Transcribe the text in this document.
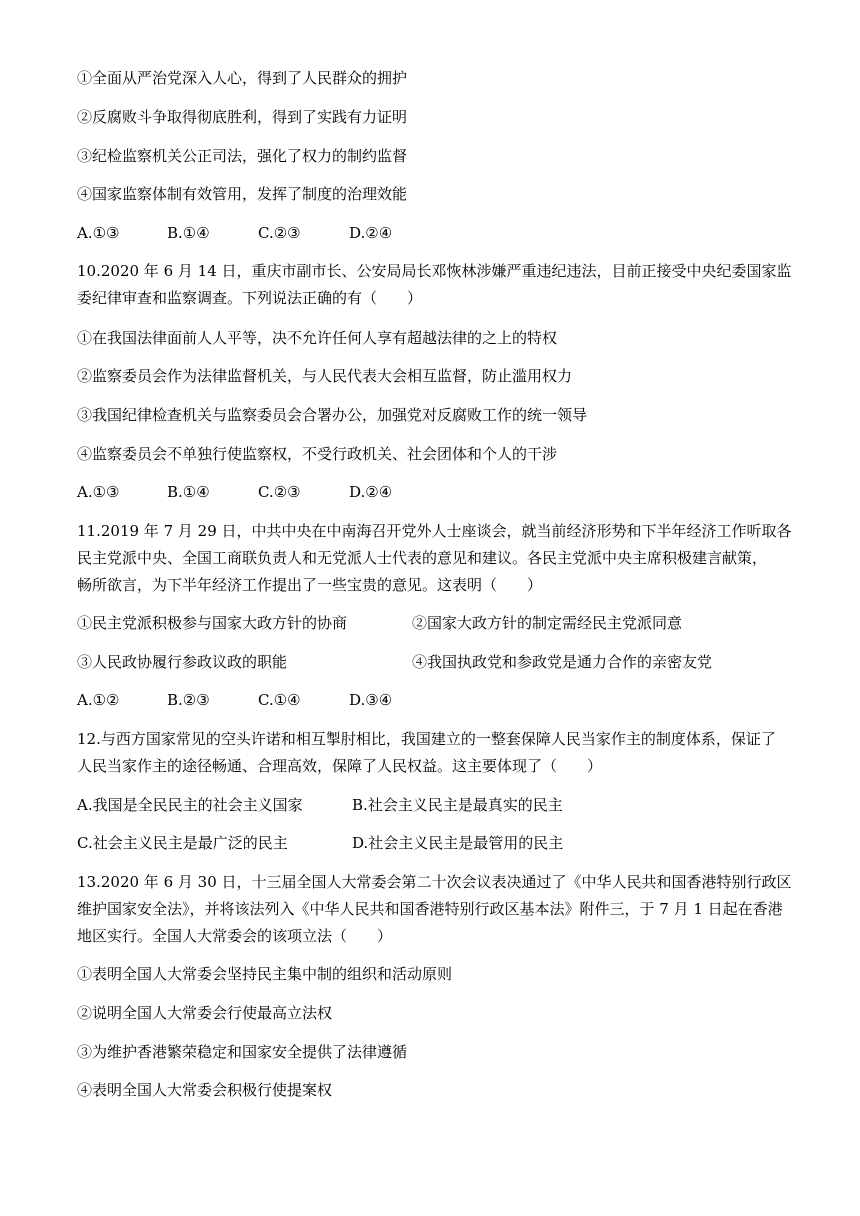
①全面从严治党深入人心，得到了人民群众的拥护
②反腐败斗争取得彻底胜利，得到了实践有力证明
③纪检监察机关公正司法，强化了权力的制约监督
④国家监察体制有效管用，发挥了制度的治理效能
A.①③	B.①④	C.②③	D.②④
10.2020 年 6 月 14 日，重庆市副市长、公安局局长邓恢林涉嫌严重违纪违法，目前正接受中央纪委国家监
委纪律审查和监察调查。下列说法正确的有（　　）
①在我国法律面前人人平等，决不允许任何人享有超越法律的之上的特权
②监察委员会作为法律监督机关，与人民代表大会相互监督，防止滥用权力
③我国纪律检查机关与监察委员会合署办公，加强党对反腐败工作的统一领导
④监察委员会不单独行使监察权，不受行政机关、社会团体和个人的干涉
A.①③	B.①④	C.②③	D.②④
11.2019 年 7 月 29 日，中共中央在中南海召开党外人士座谈会，就当前经济形势和下半年经济工作听取各
民主党派中央、全国工商联负责人和无党派人士代表的意见和建议。各民主党派中央主席积极建言献策，
畅所欲言，为下半年经济工作提出了一些宝贵的意见。这表明（　　）
①民主党派积极参与国家大政方针的协商	②国家大政方针的制定需经民主党派同意
③人民政协履行参政议政的职能	④我国执政党和参政党是通力合作的亲密友党
A.①②	B.②③	C.①④	D.③④
12.与西方国家常见的空头许诺和相互掣肘相比，我国建立的一整套保障人民当家作主的制度体系，保证了
人民当家作主的途径畅通、合理高效，保障了人民权益。这主要体现了（　　）
A.我国是全民民主的社会主义国家	B.社会主义民主是最真实的民主
C.社会主义民主是最广泛的民主	D.社会主义民主是最管用的民主
13.2020 年 6 月 30 日，十三届全国人大常委会第二十次会议表决通过了《中华人民共和国香港特别行政区
维护国家安全法》，并将该法列入《中华人民共和国香港特别行政区基本法》附件三，于 7 月 1 日起在香港
地区实行。全国人大常委会的该项立法（　　）
①表明全国人大常委会坚持民主集中制的组织和活动原则
②说明全国人大常委会行使最高立法权
③为维护香港繁荣稳定和国家安全提供了法律遵循
④表明全国人大常委会积极行使提案权
